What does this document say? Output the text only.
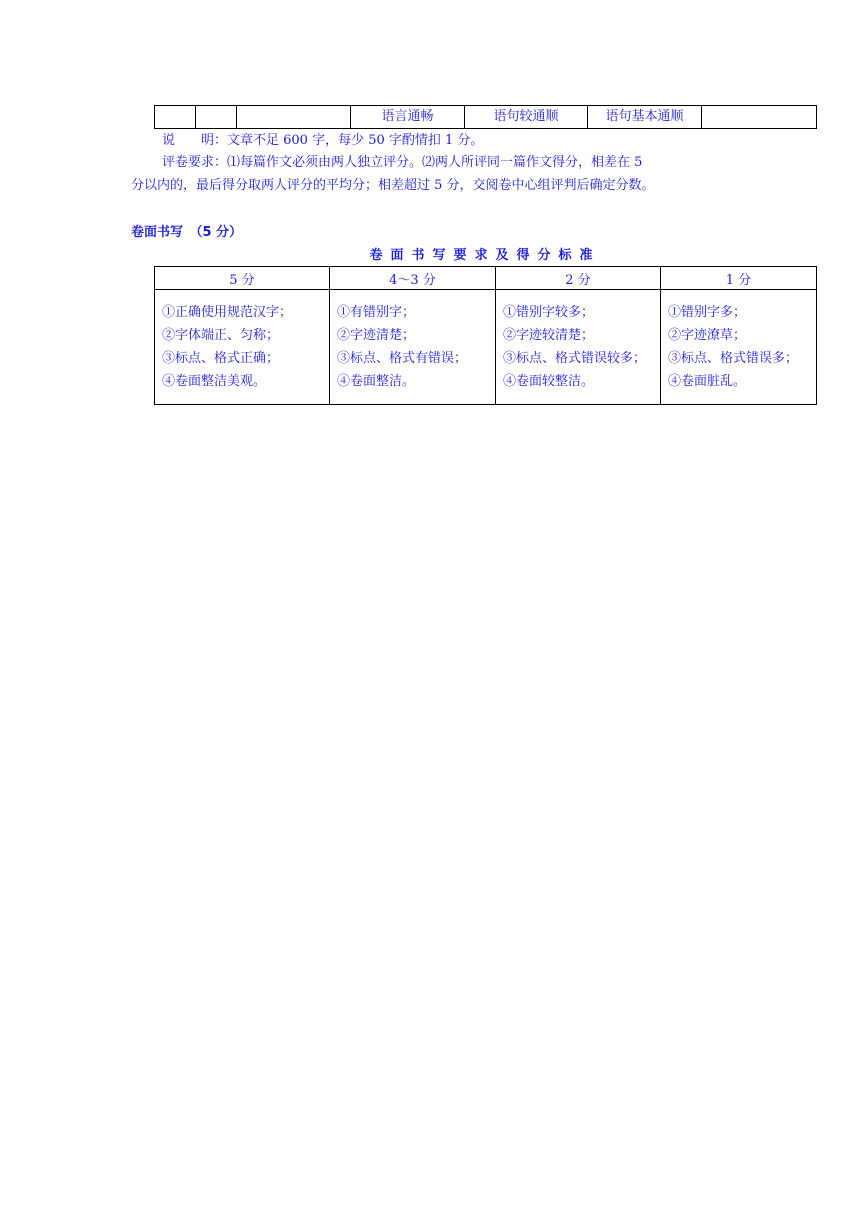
			语言通畅	语句较通顺	语句基本通顺	
说　　明：文章不足 600 字，每少 50 字酌情扣 1 分。
评卷要求：⑴每篇作文必须由两人独立评分。⑵两人所评同一篇作文得分，相差在 5
分以内的，最后得分取两人评分的平均分；相差超过 5 分，交阅卷中心组评判后确定分数。
卷面书写　（5 分）
卷面书写要求及得分标准
5 分	4～3 分	2 分	1 分

①正确使用规范汉字；
②字体端正、匀称；
③标点、格式正确；
④卷面整洁美观。	①有错别字；
②字迹清楚；
③标点、格式有错误；
④卷面整洁。	①错别字较多；
②字迹较清楚；
③标点、格式错误较多；
④卷面较整洁。	①错别字多；
②字迹潦草；
③标点、格式错误多；
④卷面脏乱。
